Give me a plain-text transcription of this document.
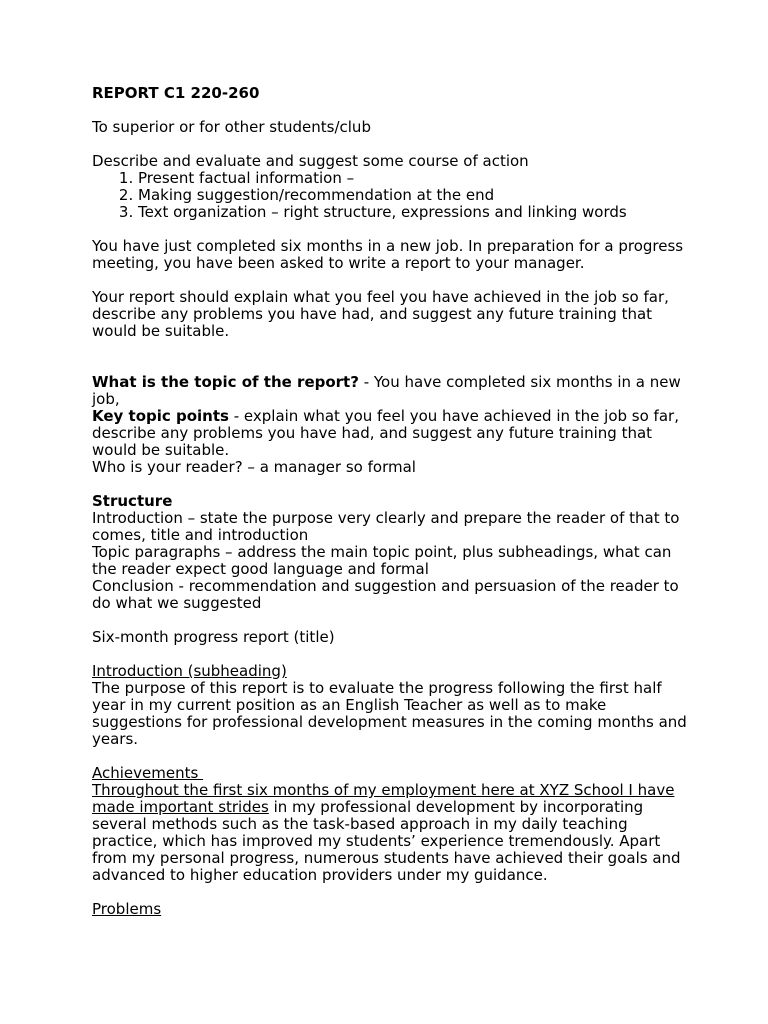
REPORT C1 220-260

To superior or for other students/club

Describe and evaluate and suggest some course of action

1. Present factual information –
2. Making suggestion/recommendation at the end
3. Text organization – right structure, expressions and linking words

You have just completed six months in a new job. In preparation for a progress meeting, you have been asked to write a report to your manager.

Your report should explain what you feel you have achieved in the job so far, describe any problems you have had, and suggest any future training that would be suitable.

What is the topic of the report? - You have completed six months in a new job,

Key topic points - explain what you feel you have achieved in the job so far, describe any problems you have had, and suggest any future training that would be suitable.

Who is your reader? – a manager so formal

Structure

Introduction – state the purpose very clearly and prepare the reader of that to comes, title and introduction

Topic paragraphs – address the main topic point, plus subheadings, what can the reader expect good language and formal

Conclusion - recommendation and suggestion and persuasion of the reader to do what we suggested

Six-month progress report (title)

Introduction (subheading)

The purpose of this report is to evaluate the progress following the first half year in my current position as an English Teacher as well as to make suggestions for professional development measures in the coming months and years.

Achievements

Throughout the first six months of my employment here at XYZ School I have made important strides in my professional development by incorporating several methods such as the task-based approach in my daily teaching practice, which has improved my students’ experience tremendously. Apart from my personal progress, numerous students have achieved their goals and advanced to higher education providers under my guidance.

Problems
